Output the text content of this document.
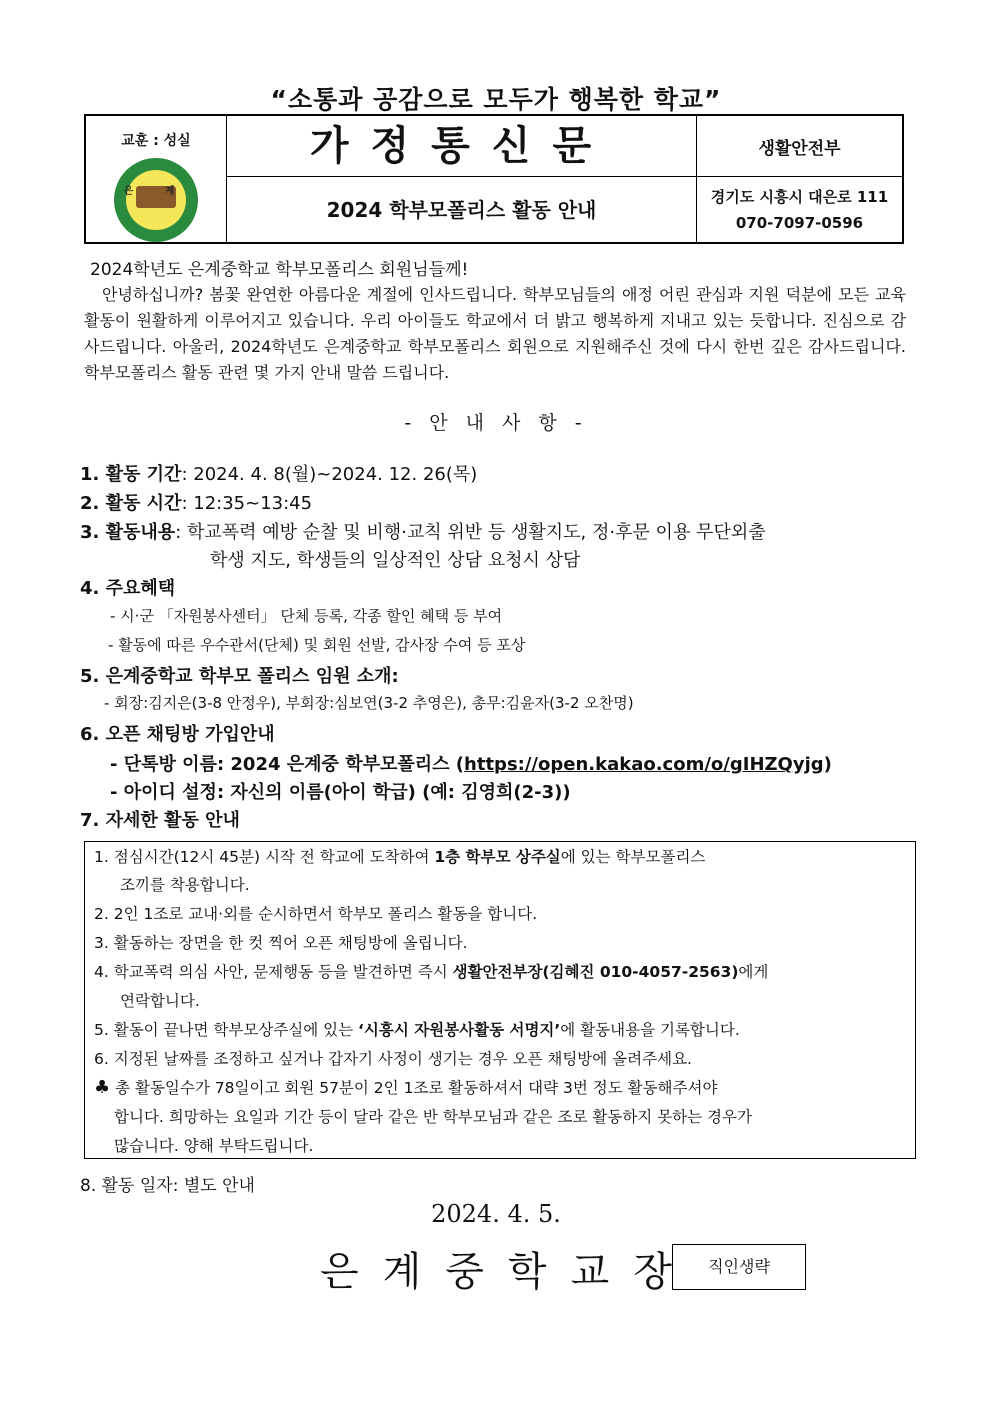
“소통과 공감으로 모두가 행복한 학교”
교훈 : 성실
은 계	가정통신문	생활안전부
	2024 학부모폴리스 활동 안내	경기도 시흥시 대은로 111
070-7097-0596
2024학년도 은계중학교 학부모폴리스 회원님들께!
안녕하십니까? 봄꽃 완연한 아름다운 계절에 인사드립니다. 학부모님들의 애정 어린 관심과 지원 덕분에 모든 교육활동이 원활하게 이루어지고 있습니다. 우리 아이들도 학교에서 더 밝고 행복하게 지내고 있는 듯합니다. 진심으로 감사드립니다. 아울러, 2024학년도 은계중학교 학부모폴리스 회원으로 지원해주신 것에 다시 한번 깊은 감사드립니다. 학부모폴리스 활동 관련 몇 가지 안내 말씀 드립니다.
- 안 내 사 항 -
1. 활동 기간: 2024. 4. 8(월)~2024. 12. 26(목)
2. 활동 시간: 12:35~13:45
3. 활동내용: 학교폭력 예방 순찰 및 비행·교칙 위반 등 생활지도, 정·후문 이용 무단외출
학생 지도, 학생들의 일상적인 상담 요청시 상담
4. 주요혜택
- 시·군 「자원봉사센터」 단체 등록, 각종 할인 혜택 등 부여
- 활동에 따른 우수관서(단체) 및 회원 선발, 감사장 수여 등 포상
5. 은계중학교 학부모 폴리스 임원 소개:
- 회장:김지은(3-8 안정우), 부회장:심보연(3-2 추영은), 총무:김윤자(3-2 오찬명)
6. 오픈 채팅방 가입안내
- 단톡방 이름: 2024 은계중 학부모폴리스 (https://open.kakao.com/o/gIHZQyjg)
- 아이디 설정: 자신의 이름(아이 학급) (예: 김영희(2-3))
7. 자세한 활동 안내
1. 점심시간(12시 45분) 시작 전 학교에 도착하여 1층 학부모 상주실에 있는 학부모폴리스
조끼를 착용합니다.
2. 2인 1조로 교내·외를 순시하면서 학부모 폴리스 활동을 합니다.
3. 활동하는 장면을 한 컷 찍어 오픈 채팅방에 올립니다.
4. 학교폭력 의심 사안, 문제행동 등을 발견하면 즉시 생활안전부장(김혜진 010-4057-2563)에게
연락합니다.
5. 활동이 끝나면 학부모상주실에 있는 ‘시흥시 자원봉사활동 서명지’에 활동내용을 기록합니다.
6. 지정된 날짜를 조정하고 싶거나 갑자기 사정이 생기는 경우 오픈 채팅방에 올려주세요.
♣ 총 활동일수가 78일이고 회원 57분이 2인 1조로 활동하셔서 대략 3번 정도 활동해주셔야
합니다. 희망하는 요일과 기간 등이 달라 같은 반 학부모님과 같은 조로 활동하지 못하는 경우가
많습니다. 양해 부탁드립니다.
8. 활동 일자: 별도 안내
2024. 4. 5.
은계중학교장 직인생략
